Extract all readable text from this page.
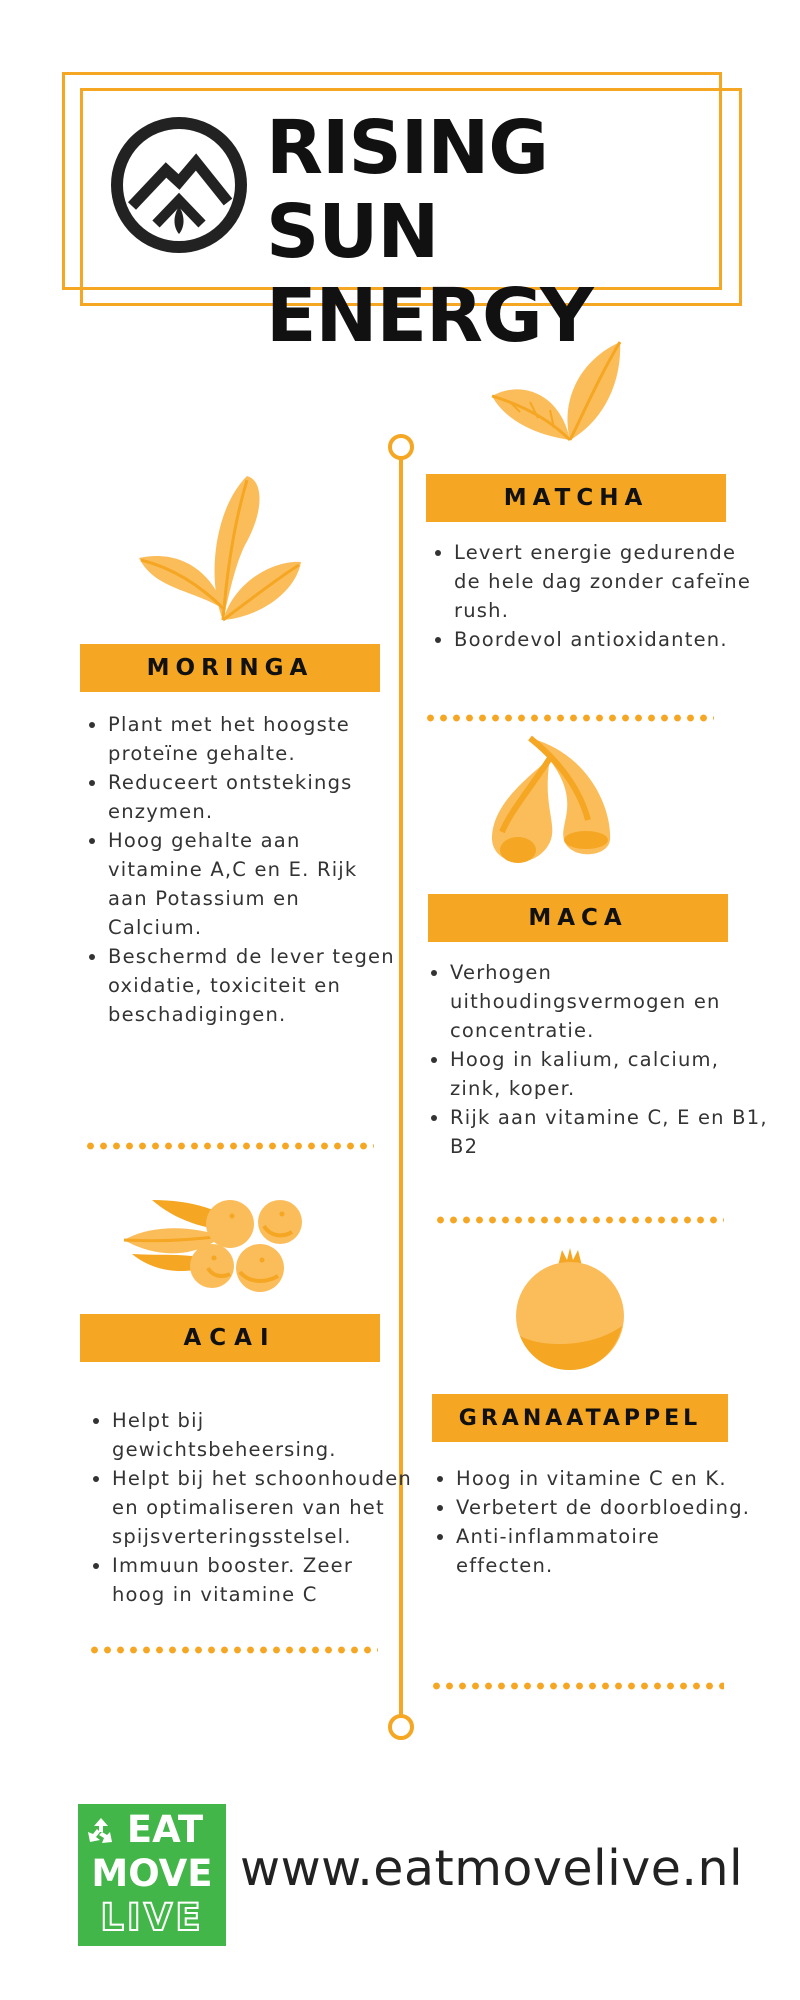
RISING SUN
ENERGY
MATCHA
• Levert energie gedurende de hele dag zonder cafeïne rush.
• Boordevol antioxidanten.
MORINGA
• Plant met het hoogste proteïne gehalte.
• Reduceert ontstekings enzymen.
• Hoog gehalte aan vitamine A,C en E. Rijk aan Potassium en Calcium.
• Beschermd de lever tegen oxidatie, toxiciteit en beschadigingen.
MACA
• Verhogen uithoudingsvermogen en concentratie.
• Hoog in kalium, calcium, zink, koper.
• Rijk aan vitamine C, E en B1, B2
ACAI
• Helpt bij gewichtsbeheersing.
• Helpt bij het schoonhouden en optimaliseren van het spijsverteringsstelsel.
• Immuun booster. Zeer hoog in vitamine C
GRANAATAPPEL
• Hoog in vitamine C en K.
• Verbetert de doorbloeding.
• Anti-inflammatoire effecten.
EAT
MOVE
LIVE
www.eatmovelive.nl
